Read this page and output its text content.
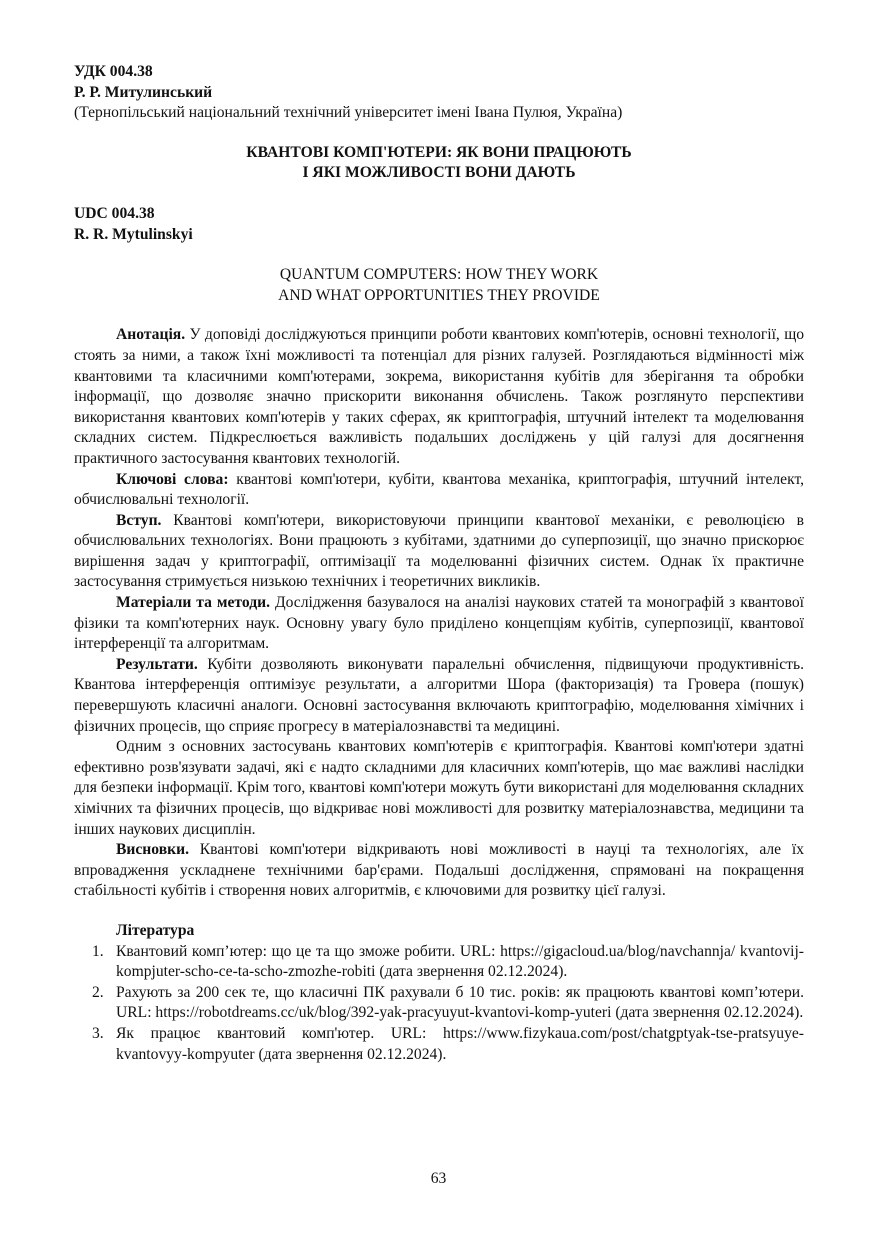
УДК 004.38
Р. Р. Митулинський
(Тернопільський національний технічний університет імені Івана Пулюя, Україна)
КВАНТОВІ КОМП'ЮТЕРИ: ЯК ВОНИ ПРАЦЮЮТЬ
І ЯКІ МОЖЛИВОСТІ ВОНИ ДАЮТЬ
UDC 004.38
R. R. Mytulinskyi
QUANTUM COMPUTERS: HOW THEY WORK
AND WHAT OPPORTUNITIES THEY PROVIDE

Анотація. У доповіді досліджуються принципи роботи квантових комп'ютерів, основні технології, що стоять за ними, а також їхні можливості та потенціал для різних галузей. Розглядаються відмінності між квантовими та класичними комп'ютерами, зокрема, використання кубітів для зберігання та обробки інформації, що дозволяє значно прискорити виконання обчислень. Також розглянуто перспективи використання квантових комп'ютерів у таких сферах, як криптографія, штучний інтелект та моделювання складних систем. Підкреслюється важливість подальших досліджень у цій галузі для досягнення практичного застосування квантових технологій.

Ключові слова: квантові комп'ютери, кубіти, квантова механіка, криптографія, штучний інтелект, обчислювальні технології.

Вступ. Квантові комп'ютери, використовуючи принципи квантової механіки, є революцією в обчислювальних технологіях. Вони працюють з кубітами, здатними до суперпозиції, що значно прискорює вирішення задач у криптографії, оптимізації та моделюванні фізичних систем. Однак їх практичне застосування стримується низькою технічних і теоретичних викликів.

Матеріали та методи. Дослідження базувалося на аналізі наукових статей та монографій з квантової фізики та комп'ютерних наук. Основну увагу було приділено концепціям кубітів, суперпозиції, квантової інтерференції та алгоритмам.

Результати. Кубіти дозволяють виконувати паралельні обчислення, підвищуючи продуктивність. Квантова інтерференція оптимізує результати, а алгоритми Шора (факторизація) та Гровера (пошук) перевершують класичні аналоги. Основні застосування включають криптографію, моделювання хімічних і фізичних процесів, що сприяє прогресу в матеріалознавстві та медицині.

Одним з основних застосувань квантових комп'ютерів є криптографія. Квантові комп'ютери здатні ефективно розв'язувати задачі, які є надто складними для класичних комп'ютерів, що має важливі наслідки для безпеки інформації. Крім того, квантові комп'ютери можуть бути використані для моделювання складних хімічних та фізичних процесів, що відкриває нові можливості для розвитку матеріалознавства, медицини та інших наукових дисциплін.

Висновки. Квантові комп'ютери відкривають нові можливості в науці та технологіях, але їх впровадження ускладнене технічними бар'єрами. Подальші дослідження, спрямовані на покращення стабільності кубітів і створення нових алгоритмів, є ключовими для розвитку цієї галузі.

Література
1. Квантовий комп’ютер: що це та що зможе робити. URL: https://gigacloud.ua/blog/navchannja/ kvantovij-kompjuter-scho-ce-ta-scho-zmozhe-robiti (дата звернення 02.12.2024).
2. Рахують за 200 сек те, що класичні ПК рахували б 10 тис. років: як працюють квантові комп’ютери. URL: https://robotdreams.cc/uk/blog/392-yak-pracyuyut-kvantovi-komp-yuteri (дата звернення 02.12.2024).
3. Як працює квантовий комп'ютер. URL: https://www.fizykaua.com/post/chatgptyak-tse-pratsyuye-kvantovyy-kompyuter (дата звернення 02.12.2024).
63
